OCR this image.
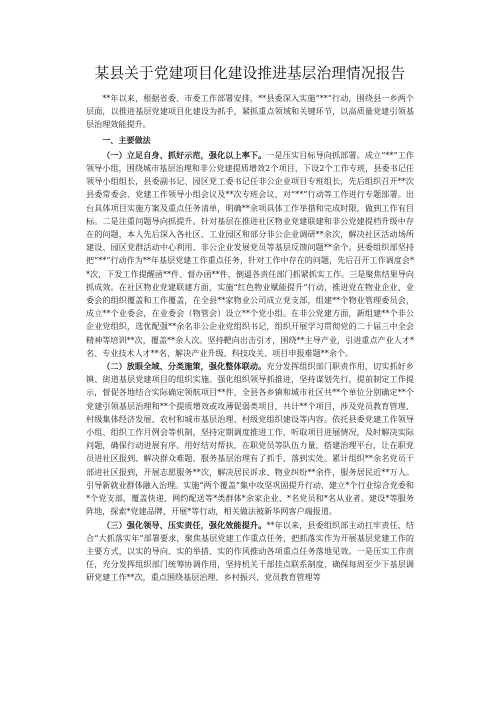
某县关于党建项目化建设推进基层治理情况报告

**年以来，根据省委、市委工作部署安排，**县委深入实施“**”行动，围绕县一乡两个层面，以推进基层党建项目化建设为抓手，紧抓重点领域和关键环节，以高质量党建引领基层治理效能提升。

一、主要做法

（一）立足自身、抓好示范，强化以上率下。一是压实目标导向抓部署。成立“**”工作领导小组，围绕城市基层治理和非公党建提质增效2个项目，下设2个工作专班，县委书记任领导小组组长，县委副书记、园区党工委书记任非公企业项目专班组长，先后组织召开**次县委常委会、党建工作领导小组会议及**次专班会议，对“**”行动等工作进行专题部署。出台具体项目实施方案及重点任务清单，明确**余项具体工作举措和完成时限，做到工作有目标。二是注重问题导向抓提升。针对基层在推进社区物业党建联建和非公党建提档升级中存在的问题，本人先后深入各社区、工业园区和部分非公企业调研**余次，解决社区活动场所建设、园区党群活动中心利用、非公企业发展党员等基层反馈问题**余个。县委组织部坚持把“**”行动作为**年基层党建工作重点任务，针对工作中存在的问题，先后召开工作调度会**次，下发工作提醒函**件、督办函**件，倒逼各责任部门抓紧抓实工作。三是聚焦结果导向抓成效。在社区物业党建联建方面，实施“红色物业赋能提升”行动，推进党在物业企业、业委会的组织覆盖和工作覆盖，在全县**家物业公司成立党支部，组建**个物业管理委员会，成立**个业委会，在业委会（物管会）设立**个党小组。在非公党建方面，新组建**个非公企业党组织，选优配强**余名非公企业党组织书记，组织开展学习贯彻党的二十届三中全会精神等培训**次，覆盖**余人次。坚持靶向出击引才，围绕**主导产业，引进重点产业人才*名、专业技术人才**名，解决产业升级、科技攻关、项目申报难题**余个。

（二）放眼全域、分类施策，强化整体联动。充分发挥组织部门职责作用，切实抓好乡镇、街道基层党建项目的组织实施。强化组织领导抓推进，坚持谋划先行，提前制定工作提示，督促各地结合实际确定领航项目**件，全县各乡镇和城市社区共**个单位分别确定**个党建引领基层治理和**个提质增效或攻薄促弱类项目，共计**个项目，涉及党员教育管理、村级集体经济发展、农村和城市基层治理、村级党组织建设等内容。依托县委党建工作领导小组、组织工作月例会等机制，坚持定期调度推进工作，听取项目进展情况，及时解决实际问题，确保行动进展有序。用好结对帮扶，在职党员等队伍力量，搭建治理平台，让在职党员进社区报到、解决群众难题、服务基层治理有了抓手、落到实处。累计组织**余名党员干部进社区报到，开展志愿服务**次，解决居民诉求、物业纠纷**余件，服务居民近**万人。引导新就业群体融入治理。实施“两个覆盖”集中攻坚巩固提升行动，建立*个行业综合党委和*个党支部，覆盖快递、网约配送等*类群体*余家企业、*名党员和*名从业者。建设*等服务阵地，探索*党建品牌，开展*等行动，相关做法被新华网客户端报道。

（三）强化领导、压实责任，强化效能提升。**年以来，县委组织部主动扛牢责任，结合“大抓落实年”部署要求，聚焦基层党建工作重点任务，把抓落实作为开展基层党建工作的主要方式，以实的导向、实的举措、实的作风推动各项重点任务落地见效。一是压实工作责任，充分发挥组织部门统筹协调作用，坚持机关干部挂点联系制度，确保每周至少下基层调研党建工作**次，重点围绕基层治理、乡村振兴、党员教育管理等
